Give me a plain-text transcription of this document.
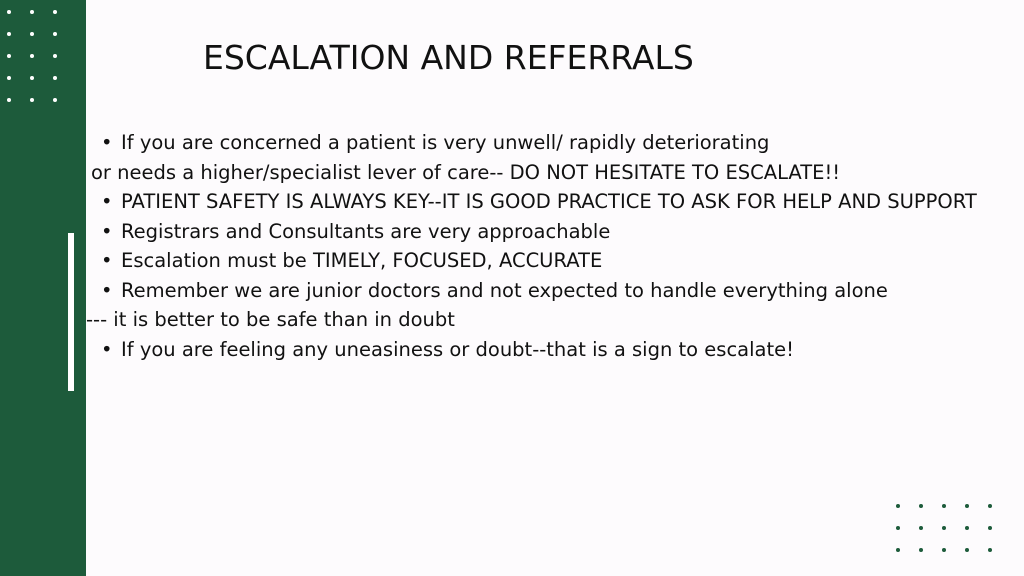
ESCALATION AND REFERRALS
• If you are concerned a patient is very unwell/ rapidly deteriorating
or needs a higher/specialist lever of care-- DO NOT HESITATE TO ESCALATE!!
• PATIENT SAFETY IS ALWAYS KEY--IT IS GOOD PRACTICE TO ASK FOR HELP AND SUPPORT
• Registrars and Consultants are very approachable
• Escalation must be TIMELY, FOCUSED, ACCURATE
• Remember we are junior doctors and not expected to handle everything alone
--- it is better to be safe than in doubt
• If you are feeling any uneasiness or doubt--that is a sign to escalate!
